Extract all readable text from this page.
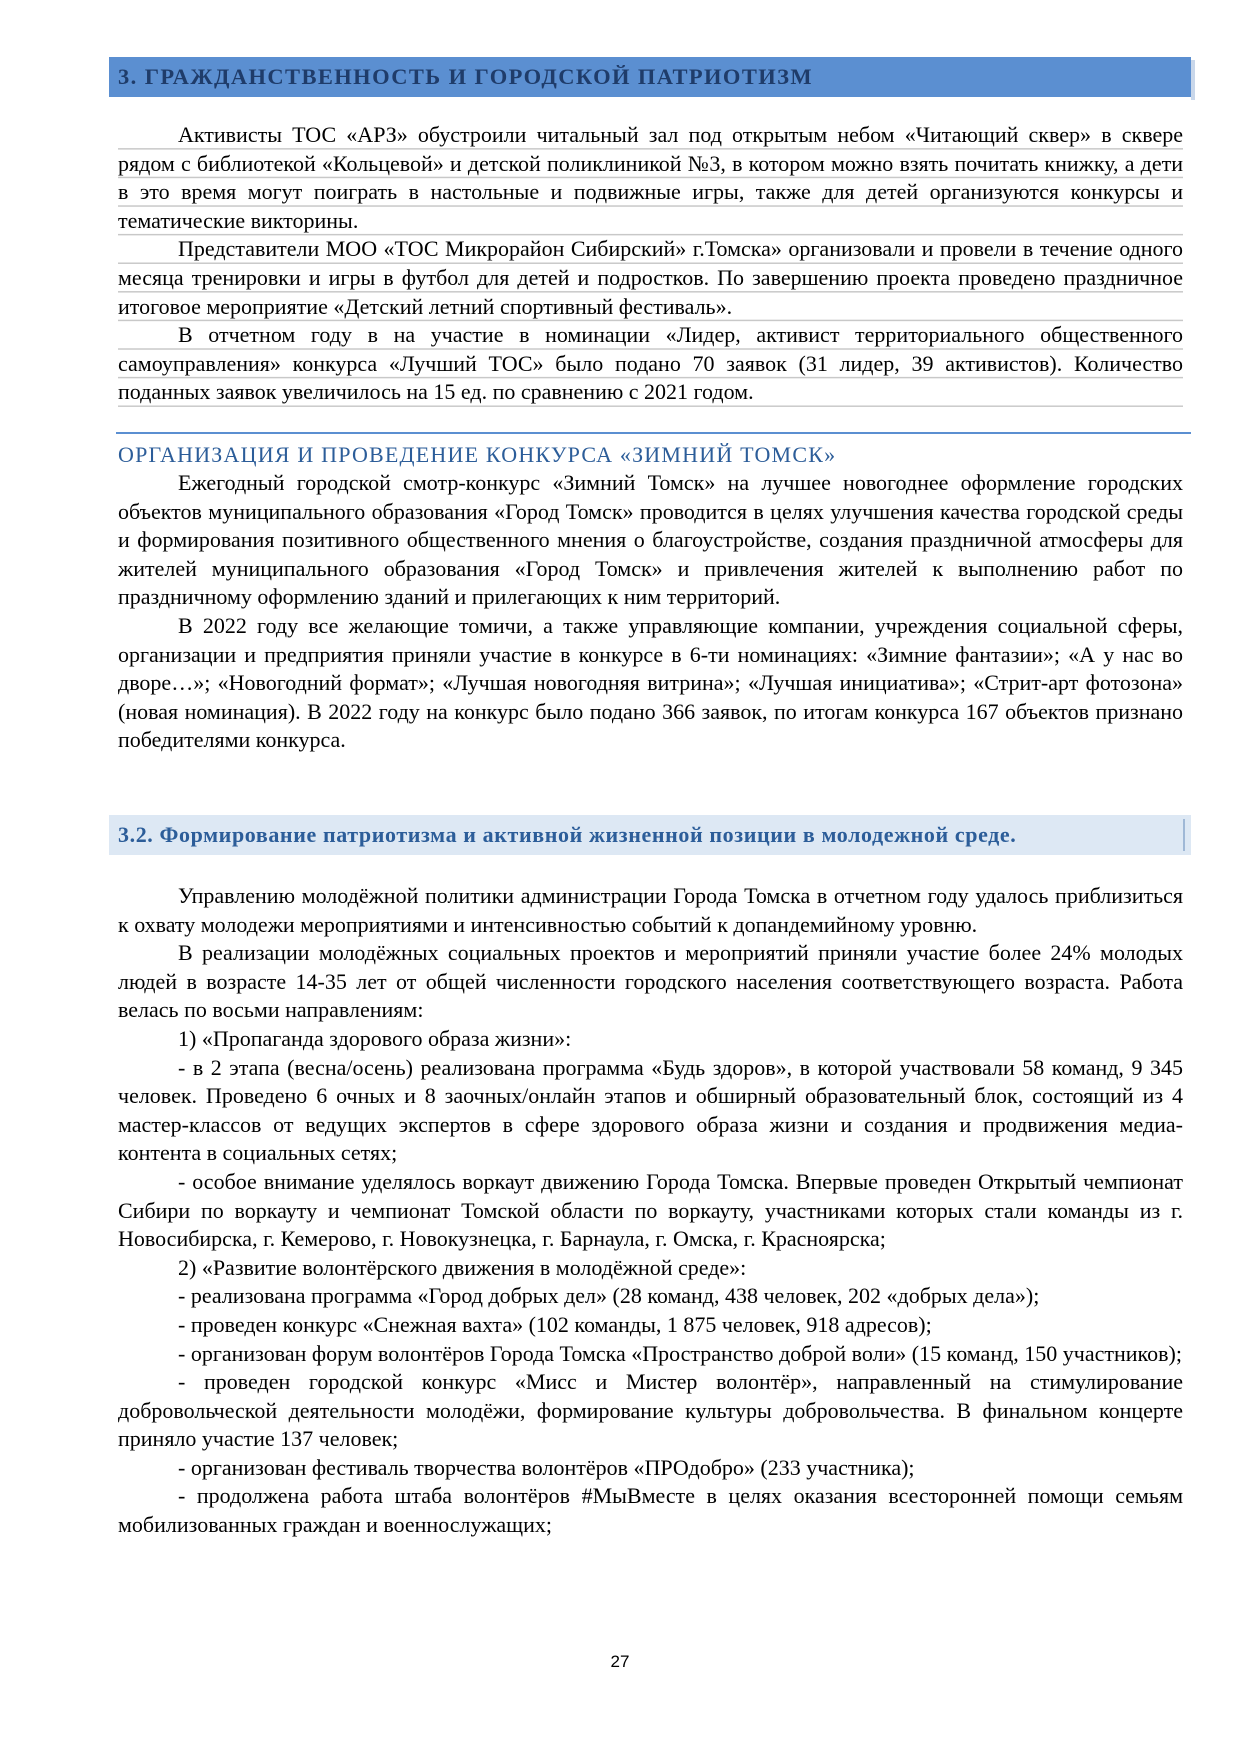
3. ГРАЖДАНСТВЕННОСТЬ И ГОРОДСКОЙ ПАТРИОТИЗМ

Активисты ТОС «АРЗ» обустроили читальный зал под открытым небом «Читающий сквер» в сквере рядом с библиотекой «Кольцевой» и детской поликлиникой №3, в котором можно взять почитать книжку, а дети в это время могут поиграть в настольные и подвижные игры, также для детей организуются конкурсы и тематические викторины.

Представители МОО «ТОС Микрорайон Сибирский» г.Томска» организовали и провели в течение одного месяца тренировки и игры в футбол для детей и подростков. По завершению проекта проведено праздничное итоговое мероприятие «Детский летний спортивный фестиваль».

В отчетном году в на участие в номинации «Лидер, активист территориального общественного самоуправления» конкурса «Лучший ТОС» было подано 70 заявок (31 лидер, 39 активистов). Количество поданных заявок увеличилось на 15 ед. по сравнению с 2021 годом.

ОРГАНИЗАЦИЯ И ПРОВЕДЕНИЕ КОНКУРСА «ЗИМНИЙ ТОМСК»

Ежегодный городской смотр-конкурс «Зимний Томск» на лучшее новогоднее оформление городских объектов муниципального образования «Город Томск» проводится в целях улучшения качества городской среды и формирования позитивного общественного мнения о благоустройстве, создания праздничной атмосферы для жителей муниципального образования «Город Томск» и привлечения жителей к выполнению работ по праздничному оформлению зданий и прилегающих к ним территорий.

В 2022 году все желающие томичи, а также управляющие компании, учреждения социальной сферы, организации и предприятия приняли участие в конкурсе в 6-ти номинациях: «Зимние фантазии»; «А у нас во дворе…»; «Новогодний формат»; «Лучшая новогодняя витрина»; «Лучшая инициатива»; «Стрит-арт фотозона» (новая номинация). В 2022 году на конкурс было подано 366 заявок, по итогам конкурса 167 объектов признано победителями конкурса.

3.2. Формирование патриотизма и активной жизненной позиции в молодежной среде.

Управлению молодёжной политики администрации Города Томска в отчетном году удалось приблизиться к охвату молодежи мероприятиями и интенсивностью событий к допандемийному уровню.

В реализации молодёжных социальных проектов и мероприятий приняли участие более 24% молодых людей в возрасте 14-35 лет от общей численности городского населения соответствующего возраста. Работа велась по восьми направлениям:

1) «Пропаганда здорового образа жизни»:

- в 2 этапа (весна/осень) реализована программа «Будь здоров», в которой участвовали 58 команд, 9 345 человек. Проведено 6 очных и 8 заочных/онлайн этапов и обширный образовательный блок, состоящий из 4 мастер-классов от ведущих экспертов в сфере здорового образа жизни и создания и продвижения медиа-контента в социальных сетях;

- особое внимание уделялось воркаут движению Города Томска. Впервые проведен Открытый чемпионат Сибири по воркауту и чемпионат Томской области по воркауту, участниками которых стали команды из г. Новосибирска, г. Кемерово, г. Новокузнецка, г. Барнаула, г. Омска, г. Красноярска;

2) «Развитие волонтёрского движения в молодёжной среде»:

- реализована программа «Город добрых дел» (28 команд, 438 человек, 202 «добрых дела»);

- проведен конкурс «Снежная вахта» (102 команды, 1 875 человек, 918 адресов);

- организован форум волонтёров Города Томска «Пространство доброй воли» (15 команд, 150 участников);

- проведен городской конкурс «Мисс и Мистер волонтёр», направленный на стимулирование добровольческой деятельности молодёжи, формирование культуры добровольчества. В финальном концерте приняло участие 137 человек;

- организован фестиваль творчества волонтёров «ПРОдобро» (233 участника);

- продолжена работа штаба волонтёров #МыВместе в целях оказания всесторонней помощи семьям мобилизованных граждан и военнослужащих;

27
